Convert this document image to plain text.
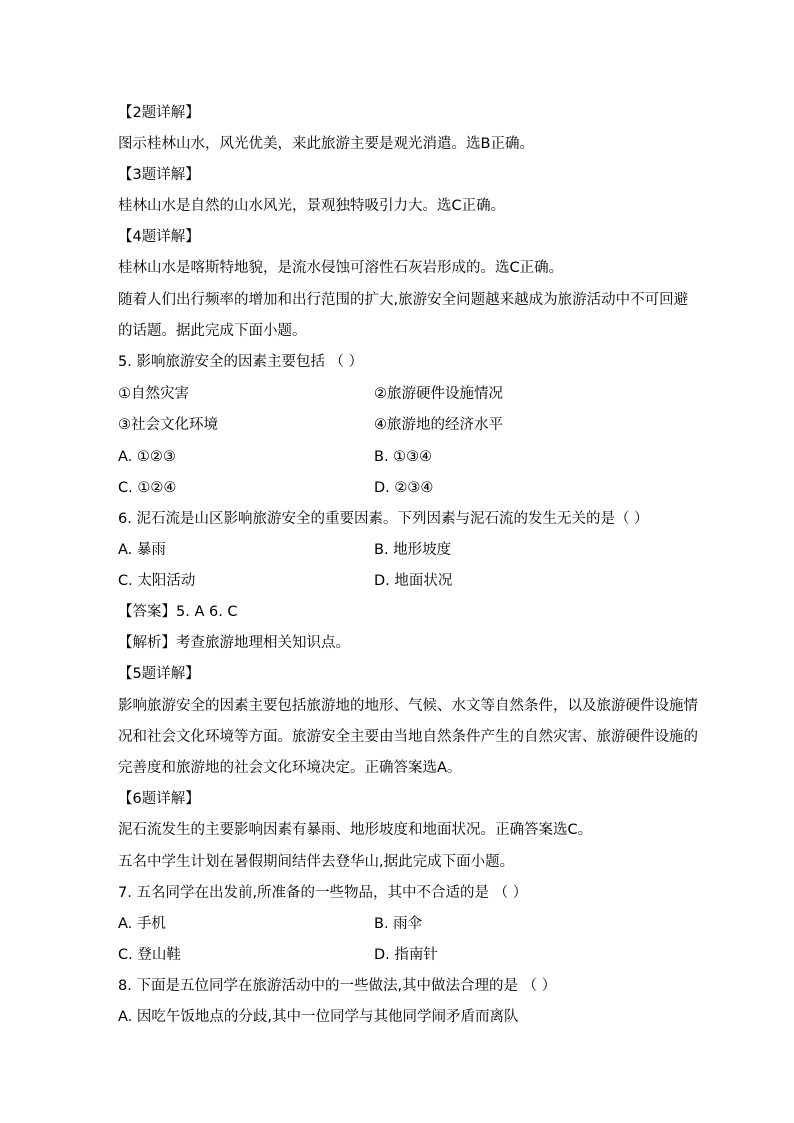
【2题详解】
图示桂林山水，风光优美，来此旅游主要是观光消遣。选B正确。
【3题详解】
桂林山水是自然的山水风光，景观独特吸引力大。选C正确。
【4题详解】
桂林山水是喀斯特地貌，是流水侵蚀可溶性石灰岩形成的。选C正确。
随着人们出行频率的增加和出行范围的扩大,旅游安全问题越来越成为旅游活动中不可回避
的话题。据此完成下面小题。
5. 影响旅游安全的因素主要包括 （ ）
①自然灾害	②旅游硬件设施情况
③社会文化环境	④旅游地的经济水平
A. ①②③	B. ①③④
C. ①②④	D. ②③④
6. 泥石流是山区影响旅游安全的重要因素。下列因素与泥石流的发生无关的是（ ）
A. 暴雨	B. 地形坡度
C. 太阳活动	D. 地面状况
【答案】5. A 6. C
【解析】考查旅游地理相关知识点。
【5题详解】
影响旅游安全的因素主要包括旅游地的地形、气候、水文等自然条件，以及旅游硬件设施情
况和社会文化环境等方面。旅游安全主要由当地自然条件产生的自然灾害、旅游硬件设施的
完善度和旅游地的社会文化环境决定。正确答案选A。
【6题详解】
泥石流发生的主要影响因素有暴雨、地形坡度和地面状况。正确答案选C。
五名中学生计划在暑假期间结伴去登华山,据此完成下面小题。
7. 五名同学在出发前,所准备的一些物品，其中不合适的是 （ ）
A. 手机	B. 雨伞
C. 登山鞋	D. 指南针
8. 下面是五位同学在旅游活动中的一些做法,其中做法合理的是 （ ）
A. 因吃午饭地点的分歧,其中一位同学与其他同学闹矛盾而离队
